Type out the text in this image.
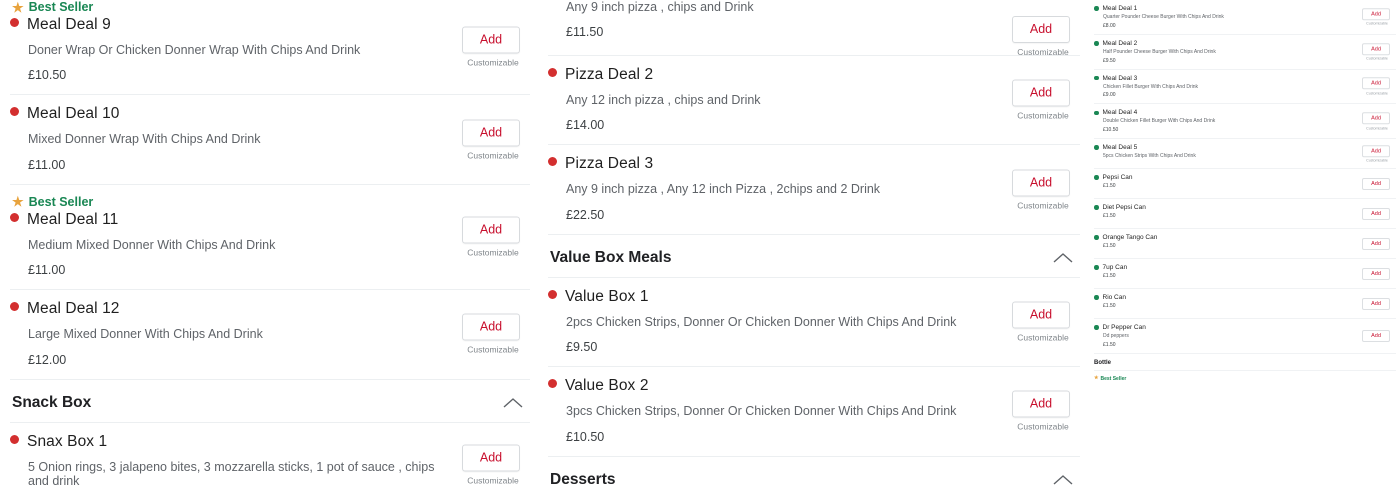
★ Best Seller
Meal Deal 9
Doner Wrap Or Chicken Donner Wrap With Chips And Drink
£10.50
Add
Customizable
Meal Deal 10
Mixed Donner Wrap With Chips And Drink
£11.00
Add
Customizable
★ Best Seller
Meal Deal 11
Medium Mixed Donner With Chips And Drink
£11.00
Add
Customizable
Meal Deal 12
Large Mixed Donner With Chips And Drink
£12.00
Add
Customizable
Snack Box
Snax Box 1
5 Onion rings, 3 jalapeno bites, 3 mozzarella sticks, 1 pot of sauce , chips and drink
Add
Customizable
Any 9 inch pizza , chips and Drink
£11.50	Add
Customizable
Pizza Deal 2
Any 12 inch pizza , chips and Drink
£14.00
Add
Customizable
Pizza Deal 3
Any 9 inch pizza , Any 12 inch Pizza , 2chips and 2 Drink
£22.50
Add
Customizable
Value Box Meals
Value Box 1
2pcs Chicken Strips, Donner Or Chicken Donner With Chips And Drink
£9.50
Add
Customizable
Value Box 2
3pcs Chicken Strips, Donner Or Chicken Donner With Chips And Drink
£10.50
Add
Customizable
Desserts
Meal Deal 1
Quarter Pounder Cheese Burger With Chips And Drink
£8.00
Add
Customizable
Meal Deal 2
Half Pounder Cheese Burger With Chips And Drink
£9.50
Add
Customizable
Meal Deal 3
Chicken Fillet Burger With Chips And Drink
£9.00
Add
Customizable
Meal Deal 4
Double Chicken Fillet Burger With Chips And Drink
£10.50
Add
Customizable
Meal Deal 5
5pcs Chicken Strips With Chips And Drink
Add
Customizable
Pepsi Can
£1.50	Add
Diet Pepsi Can
£1.50	Add
Orange Tango Can
£1.50	Add
7up Can
£1.50	Add
Rio Can
£1.50	Add
Dr Pepper Can
Dd peppers
£1.50
Add
Bottle
★ Best Seller
